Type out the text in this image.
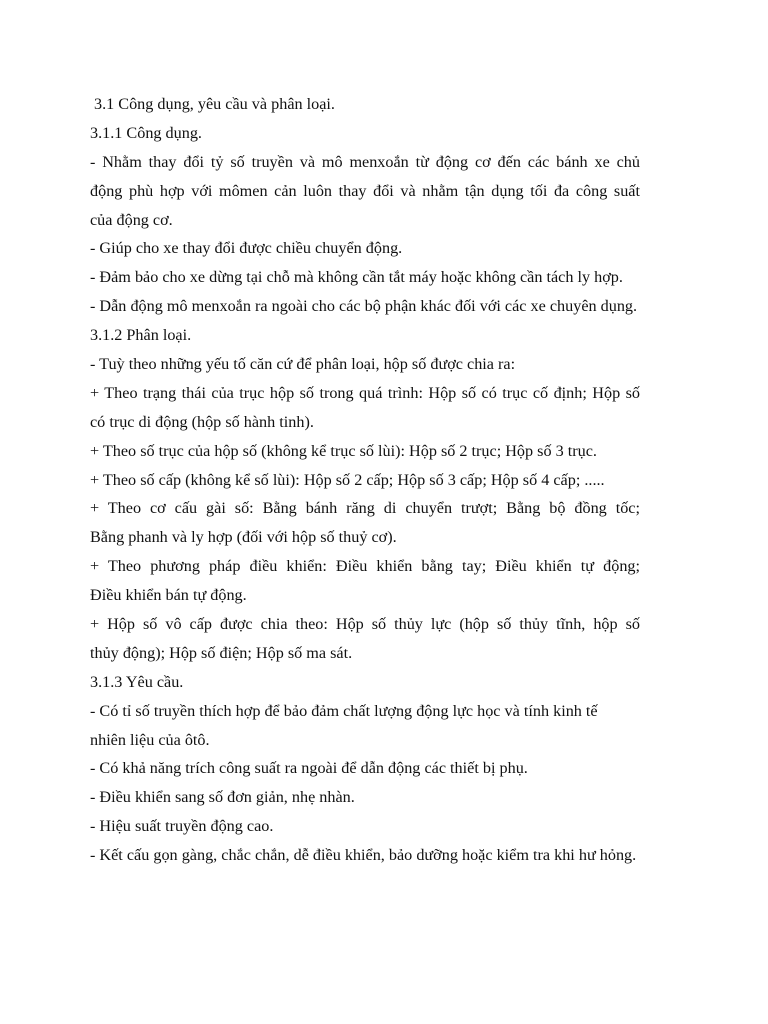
3.1 Công dụng, yêu cầu và phân loại.
3.1.1 Công dụng.
- Nhằm thay đổi tỷ số truyền và mô menxoắn từ động cơ đến các bánh xe chủ
động phù hợp với mômen cản luôn thay đổi và nhằm tận dụng tối đa công suất
của động cơ.
- Giúp cho xe thay đổi được chiều chuyển động.
- Đảm bảo cho xe dừng tại chỗ mà không cần tắt máy hoặc không cần tách ly hợp.
- Dẫn động mô menxoắn ra ngoài cho các bộ phận khác đối với các xe chuyên dụng.
3.1.2 Phân loại.
- Tuỳ theo những yếu tố căn cứ để phân loại, hộp số được chia ra:
+ Theo trạng thái của trục hộp số trong quá trình: Hộp số có trục cố định; Hộp số
có trục di động (hộp số hành tinh).
+ Theo số trục của hộp số (không kể trục số lùi): Hộp số 2 trục; Hộp số 3 trục.
+ Theo số cấp (không kể số lùi): Hộp số 2 cấp; Hộp số 3 cấp; Hộp số 4 cấp; .....
+ Theo cơ cấu gài số: Bằng bánh răng di chuyển trượt; Bằng bộ đồng tốc;
Bằng phanh và ly hợp (đối với hộp số thuỷ cơ).
+ Theo phương pháp điều khiển: Điều khiển bằng tay; Điều khiển tự động;
Điều khiển bán tự động.
+ Hộp số vô cấp được chia theo: Hộp số thủy lực (hộp số thủy tĩnh, hộp số
thủy động); Hộp số điện; Hộp số ma sát.
3.1.3 Yêu cầu.
- Có tỉ số truyền thích hợp để bảo đảm chất lượng động lực học và tính kinh tế
nhiên liệu của ôtô.
- Có khả năng trích công suất ra ngoài để dẫn động các thiết bị phụ.
- Điều khiển sang số đơn giản, nhẹ nhàn.
- Hiệu suất truyền động cao.
- Kết cấu gọn gàng, chắc chắn, dễ điều khiển, bảo dưỡng hoặc kiểm tra khi hư hỏng.
